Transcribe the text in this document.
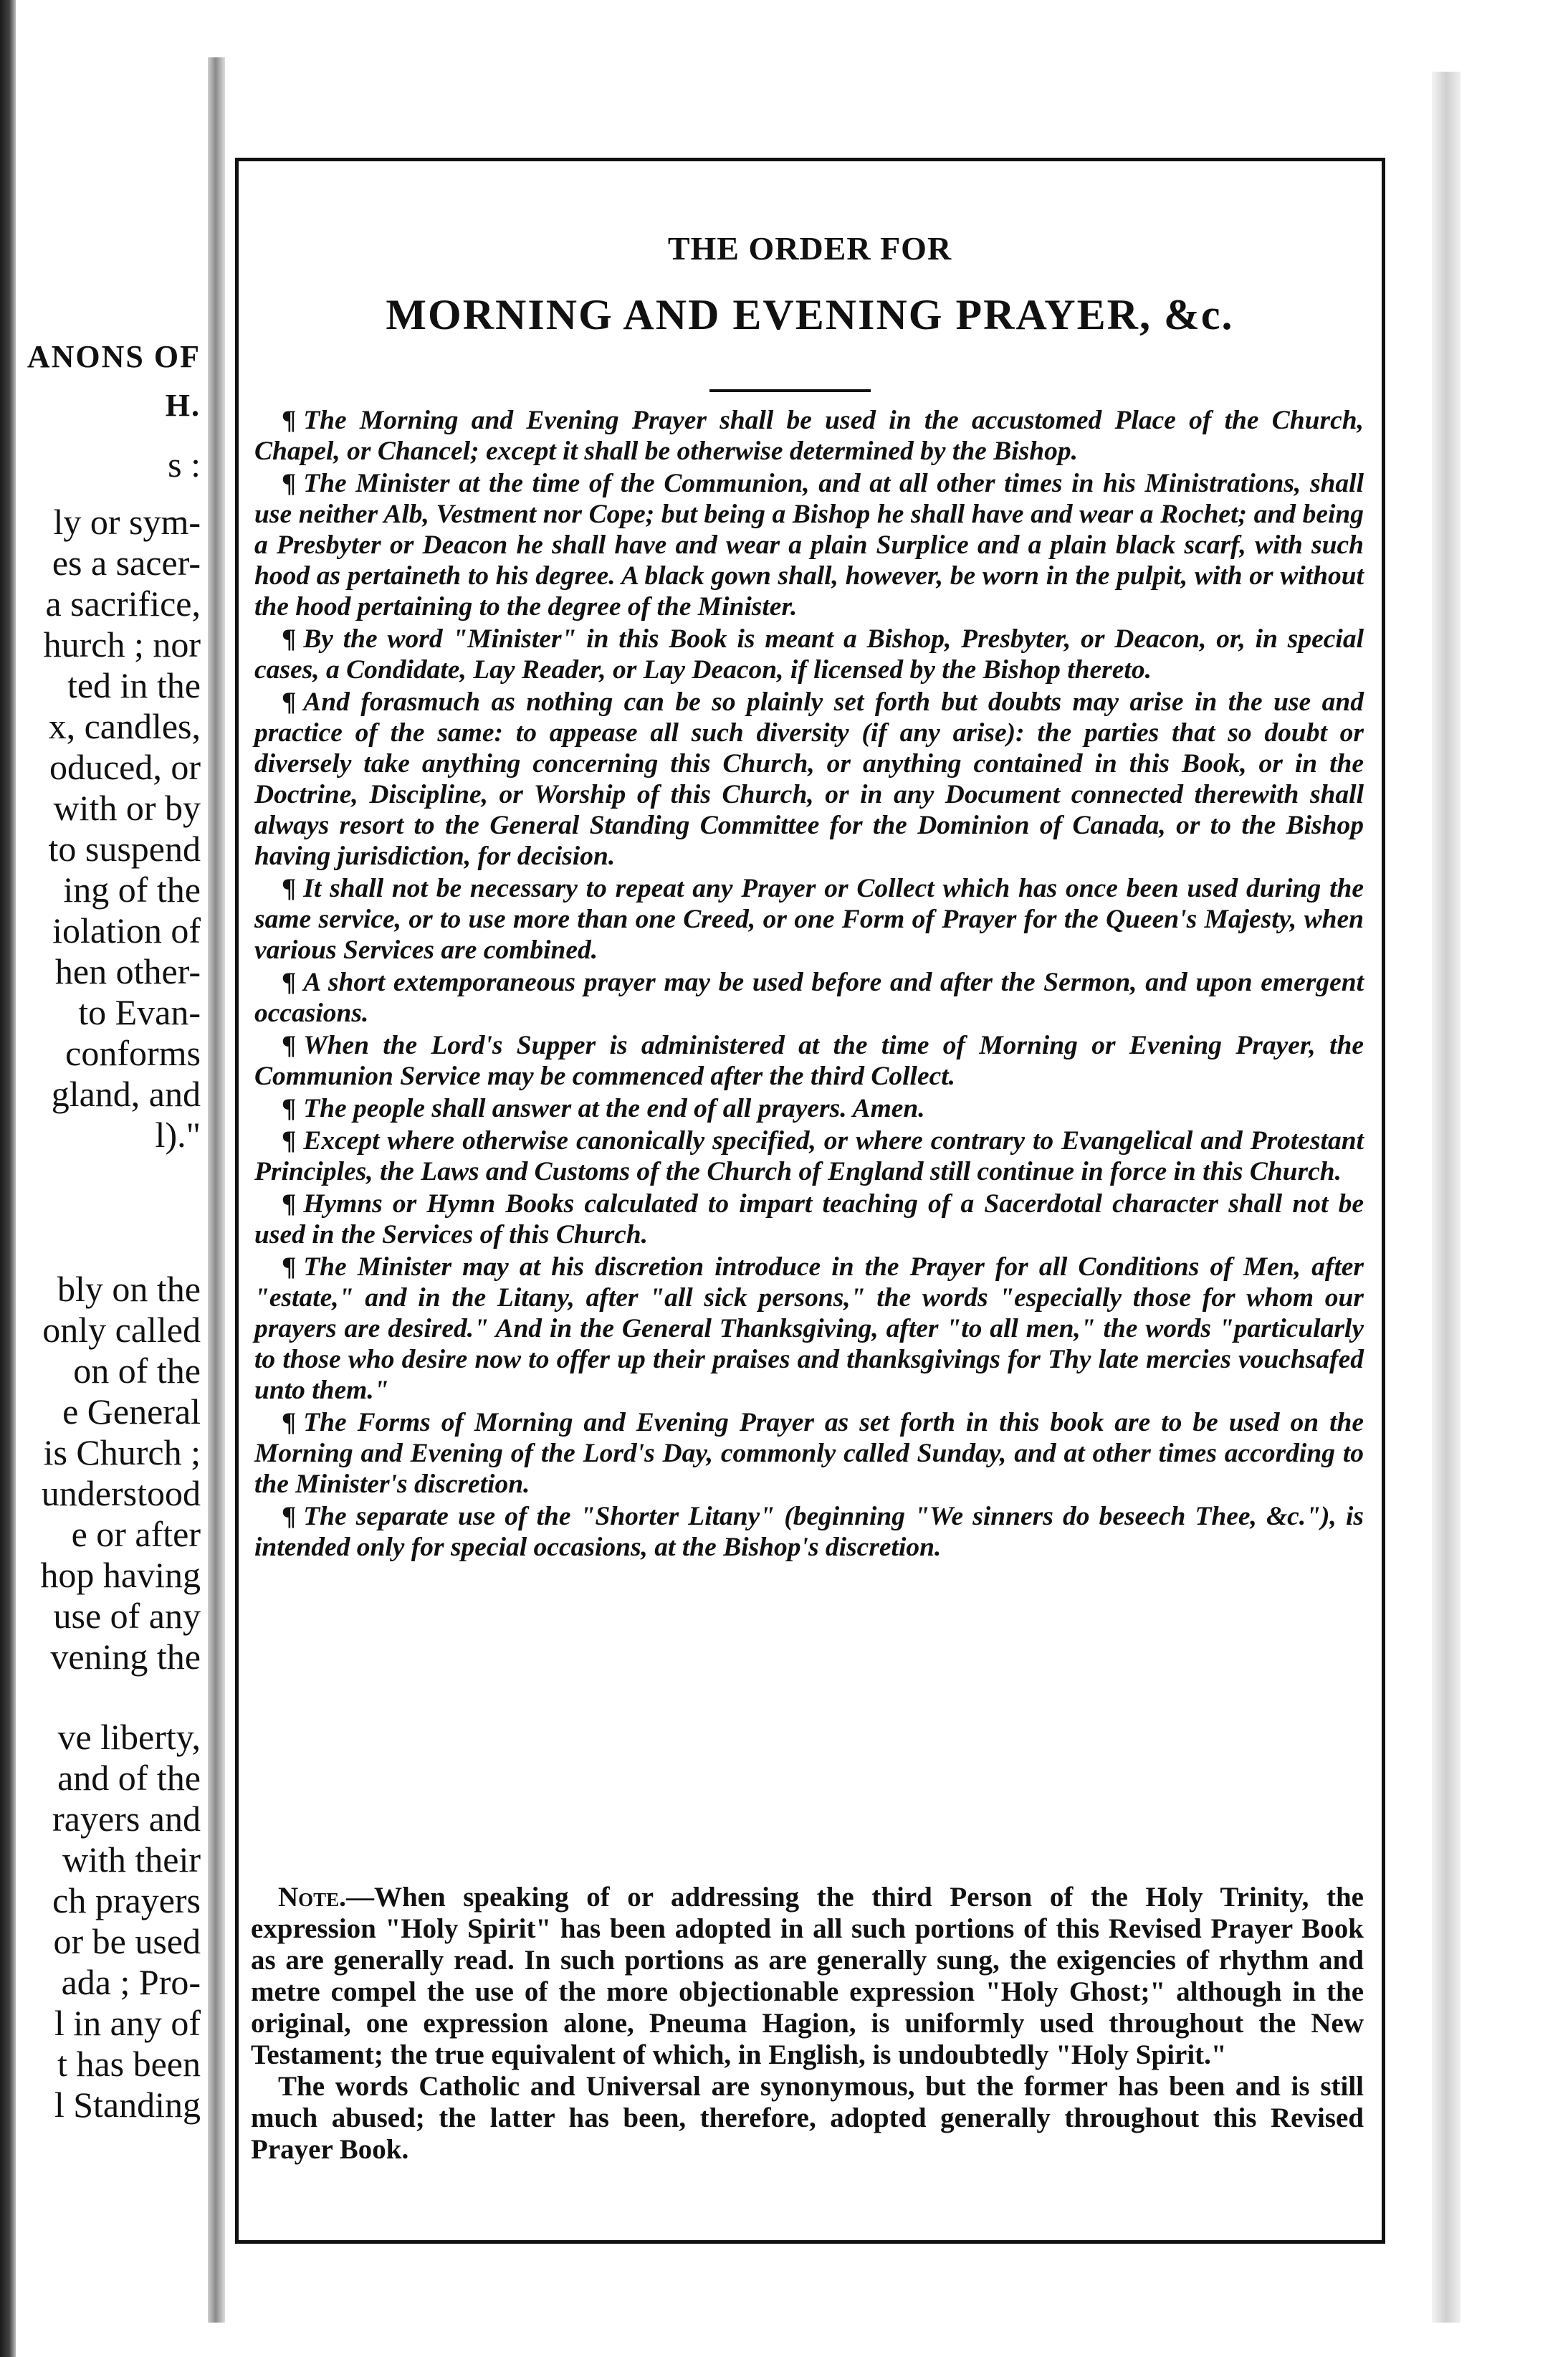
ANONS OF
H.
s :
ly or sym-
es a sacer-
a sacrifice,
hurch ; nor
ted in the
x, candles,
oduced, or
with or by
to suspend
ing of the
iolation of
hen other-
to Evan-
conforms
gland, and
l)."
bly on the
only called
on of the
e General
is Church ;
understood
e or after
hop having
use of any
vening the
ve liberty,
and of the
rayers and
with their
ch prayers
or be used
ada ; Pro-
l in any of
t has been
l Standing
THE ORDER FOR
MORNING AND EVENING PRAYER, &c.

¶ The Morning and Evening Prayer shall be used in the accustomed Place of the Church, Chapel, or Chancel; except it shall be otherwise determined by the Bishop.

¶ The Minister at the time of the Communion, and at all other times in his Ministrations, shall use neither Alb, Vestment nor Cope; but being a Bishop he shall have and wear a Rochet; and being a Presbyter or Deacon he shall have and wear a plain Surplice and a plain black scarf, with such hood as pertaineth to his degree. A black gown shall, however, be worn in the pulpit, with or without the hood pertaining to the degree of the Minister.

¶ By the word "Minister" in this Book is meant a Bishop, Presbyter, or Deacon, or, in special cases, a Condidate, Lay Reader, or Lay Deacon, if licensed by the Bishop thereto.

¶ And forasmuch as nothing can be so plainly set forth but doubts may arise in the use and practice of the same: to appease all such diversity (if any arise): the parties that so doubt or diversely take anything concerning this Church, or anything contained in this Book, or in the Doctrine, Discipline, or Worship of this Church, or in any Document connected therewith shall always resort to the General Standing Committee for the Dominion of Canada, or to the Bishop having jurisdiction, for decision.

¶ It shall not be necessary to repeat any Prayer or Collect which has once been used during the same service, or to use more than one Creed, or one Form of Prayer for the Queen's Majesty, when various Services are combined.

¶ A short extemporaneous prayer may be used before and after the Sermon, and upon emergent occasions.

¶ When the Lord's Supper is administered at the time of Morning or Evening Prayer, the Communion Service may be commenced after the third Collect.

¶ The people shall answer at the end of all prayers. Amen.

¶ Except where otherwise canonically specified, or where contrary to Evangelical and Protestant Principles, the Laws and Customs of the Church of England still continue in force in this Church.

¶ Hymns or Hymn Books calculated to impart teaching of a Sacerdotal character shall not be used in the Services of this Church.

¶ The Minister may at his discretion introduce in the Prayer for all Conditions of Men, after "estate," and in the Litany, after "all sick persons," the words "especially those for whom our prayers are desired." And in the General Thanksgiving, after "to all men," the words "particularly to those who desire now to offer up their praises and thanksgivings for Thy late mercies vouchsafed unto them."

¶ The Forms of Morning and Evening Prayer as set forth in this book are to be used on the Morning and Evening of the Lord's Day, commonly called Sunday, and at other times according to the Minister's discretion.

¶ The separate use of the "Shorter Litany" (beginning "We sinners do beseech Thee, &c."), is intended only for special occasions, at the Bishop's discretion.

Note.—When speaking of or addressing the third Person of the Holy Trinity, the expression "Holy Spirit" has been adopted in all such portions of this Revised Prayer Book as are generally read. In such portions as are generally sung, the exigencies of rhythm and metre compel the use of the more objectionable expression "Holy Ghost;" although in the original, one expression alone, Pneuma Hagion, is uniformly used throughout the New Testament; the true equivalent of which, in English, is undoubtedly "Holy Spirit."

The words Catholic and Universal are synonymous, but the former has been and is still much abused; the latter has been, therefore, adopted generally throughout this Revised Prayer Book.
